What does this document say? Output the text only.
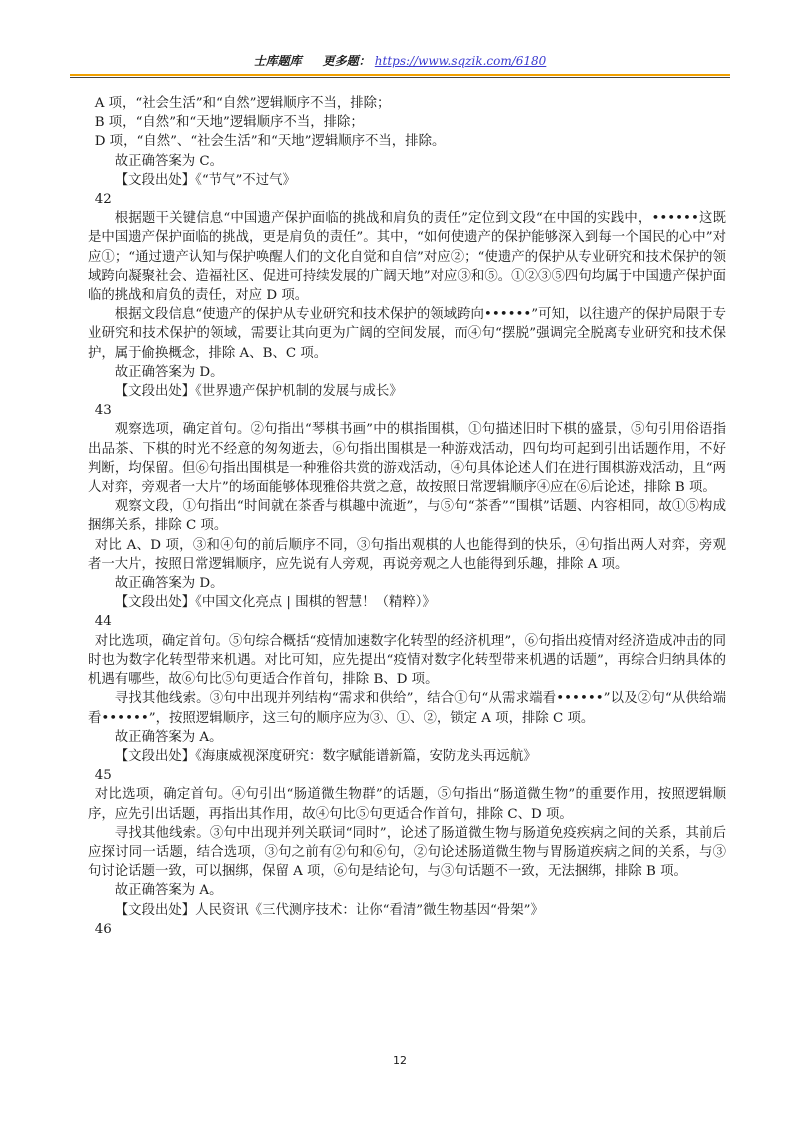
士库题库 更多题： https://www.sqzik.com/6180

A 项，“社会生活”和“自然”逻辑顺序不当，排除；

B 项，“自然”和“天地”逻辑顺序不当，排除；

D 项，“自然”、“社会生活”和“天地”逻辑顺序不当，排除。

故正确答案为 C。

【文段出处】《“节气”不过气》

42

根据题干关键信息“中国遗产保护面临的挑战和肩负的责任”定位到文段“在中国的实践中，••••••这既是中国遗产保护面临的挑战，更是肩负的责任”。其中，“如何使遗产的保护能够深入到每一个国民的心中”对应①；“通过遗产认知与保护唤醒人们的文化自觉和自信”对应②；“使遗产的保护从专业研究和技术保护的领域跨向凝聚社会、造福社区、促进可持续发展的广阔天地”对应③和⑤。①②③⑤四句均属于中国遗产保护面临的挑战和肩负的责任，对应 D 项。

根据文段信息“使遗产的保护从专业研究和技术保护的领域跨向••••••”可知，以往遗产的保护局限于专业研究和技术保护的领域，需要让其向更为广阔的空间发展，而④句“摆脱”强调完全脱离专业研究和技术保护，属于偷换概念，排除 A、B、C 项。

故正确答案为 D。

【文段出处】《世界遗产保护机制的发展与成长》

43

观察选项，确定首句。②句指出“琴棋书画”中的棋指围棋，①句描述旧时下棋的盛景，⑤句引用俗语指出品茶、下棋的时光不经意的匆匆逝去，⑥句指出围棋是一种游戏活动，四句均可起到引出话题作用，不好判断，均保留。但⑥句指出围棋是一种雅俗共赏的游戏活动，④句具体论述人们在进行围棋游戏活动，且“两人对弈，旁观者一大片”的场面能够体现雅俗共赏之意，故按照日常逻辑顺序④应在⑥后论述，排除 B 项。

观察文段，①句指出“时间就在茶香与棋趣中流逝”，与⑤句“茶香”“围棋”话题、内容相同，故①⑤构成捆绑关系，排除 C 项。

对比 A、D 项，③和④句的前后顺序不同，③句指出观棋的人也能得到的快乐，④句指出两人对弈，旁观者一大片，按照日常逻辑顺序，应先说有人旁观，再说旁观之人也能得到乐趣，排除 A 项。

故正确答案为 D。

【文段出处】《中国文化亮点 | 围棋的智慧！（精粹）》

44

对比选项，确定首句。⑤句综合概括“疫情加速数字化转型的经济机理”，⑥句指出疫情对经济造成冲击的同时也为数字化转型带来机遇。对比可知，应先提出“疫情对数字化转型带来机遇的话题”，再综合归纳具体的机遇有哪些，故⑥句比⑤句更适合作首句，排除 B、D 项。

寻找其他线索。③句中出现并列结构“需求和供给”，结合①句“从需求端看••••••”以及②句“从供给端看••••••”，按照逻辑顺序，这三句的顺序应为③、①、②，锁定 A 项，排除 C 项。

故正确答案为 A。

【文段出处】《海康威视深度研究：数字赋能谱新篇，安防龙头再远航》

45

对比选项，确定首句。④句引出“肠道微生物群”的话题，⑤句指出“肠道微生物”的重要作用，按照逻辑顺序，应先引出话题，再指出其作用，故④句比⑤句更适合作首句，排除 C、D 项。

寻找其他线索。③句中出现并列关联词“同时”，论述了肠道微生物与肠道免疫疾病之间的关系，其前后应探讨同一话题，结合选项，③句之前有②句和⑥句，②句论述肠道微生物与胃肠道疾病之间的关系，与③句讨论话题一致，可以捆绑，保留 A 项，⑥句是结论句，与③句话题不一致，无法捆绑，排除 B 项。

故正确答案为 A。

【文段出处】人民资讯《三代测序技术：让你“看清”微生物基因“骨架”》

46

12
